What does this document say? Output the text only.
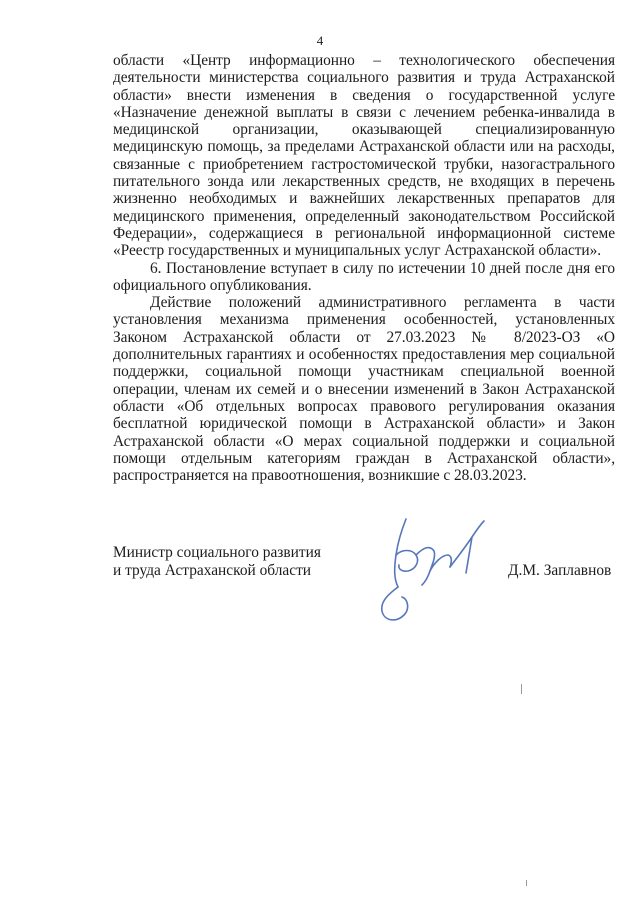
4

области «Центр информационно – технологического обеспечения деятельности министерства социального развития и труда Астраханской области» внести изменения в сведения о государственной услуге «Назначение денежной выплаты в связи с лечением ребенка-инвалида в медицинской организации, оказывающей специализированную медицинскую помощь, за пределами Астраханской области или на расходы, связанные с приобретением гастростомической трубки, назогастрального питательного зонда или лекарственных средств, не входящих в перечень жизненно необходимых и важнейших лекарственных препаратов для медицинского применения, определенный законодательством Российской Федерации», содержащиеся в региональной информационной системе «Реестр государственных и муниципальных услуг Астраханской области».

6. Постановление вступает в силу по истечении 10 дней после дня его официального опубликования.

Действие положений административного регламента в части установления механизма применения особенностей, установленных Законом Астраханской области от 27.03.2023 № 8/2023-ОЗ «О дополнительных гарантиях и особенностях предоставления мер социальной поддержки, социальной помощи участникам специальной военной операции, членам их семей и о внесении изменений в Закон Астраханской области «Об отдельных вопросах правового регулирования оказания бесплатной юридической помощи в Астраханской области» и Закон Астраханской области «О мерах социальной поддержки и социальной помощи отдельным категориям граждан в Астраханской области», распространяется на правоотношения, возникшие с 28.03.2023.

Министр социального развития
и труда Астраханской области	Д.М. Заплавнов
